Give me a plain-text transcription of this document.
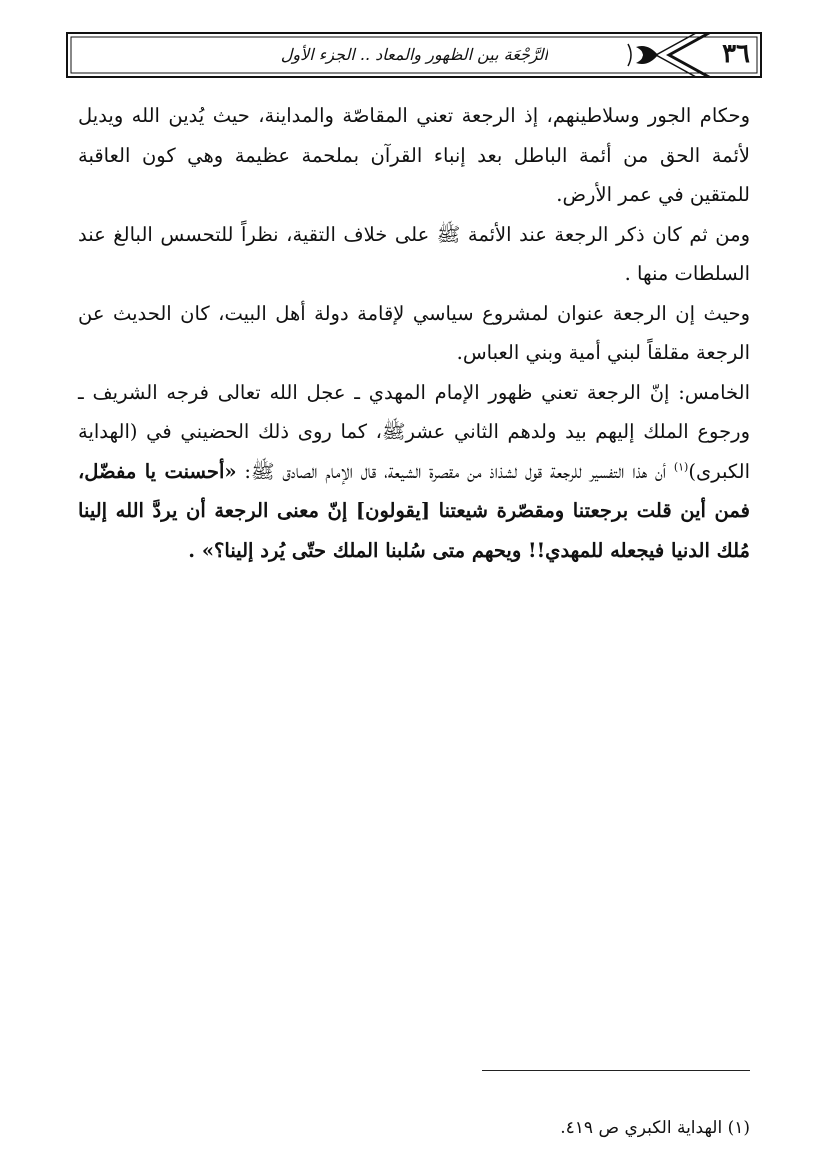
٣٦
الرَّجْعَة بين الظهور والمعاد .. الجزء الأول

وحكام الجور وسلاطينهم، إذ الرجعة تعني المقاصّة والمداينة، حيث يُدين الله ويديل لأئمة الحق من أئمة الباطل بعد إنباء القرآن بملحمة عظيمة وهي كون العاقبة للمتقين في عمر الأرض.

ومن ثم كان ذكر الرجعة عند الأئمة ﷺ على خلاف التقية، نظراً للتحسس البالغ عند السلطات منها .

وحيث إن الرجعة عنوان لمشروع سياسي لإقامة دولة أهل البيت، كان الحديث عن الرجعة مقلقاً لبني أمية وبني العباس.

الخامس: إنّ الرجعة تعني ظهور الإمام المهدي ـ عجل الله تعالى فرجه الشريف ـ ورجوع الملك إليهم بيد ولدهم الثاني عشرﷺ، كما روى ذلك الحضيني في (الهداية الكبرى)$^{(١)}$ أن هذا التفسير للرجعة قول لشذاذ من مقصرة الشيعة، قال الإمام الصادق ﷺ: «أحسنت يا مفضّل، فمن أين قلت برجعتنا ومقصّرة شيعتنا [يقولون] إنّ معنى الرجعة أن يردَّ الله إلينا مُلك الدنيا فيجعله للمهدي!! ويحهم متى سُلبنا الملك حتّى يُرد إلينا؟» .

(١) الهداية الكبري ص ٤١٩.
